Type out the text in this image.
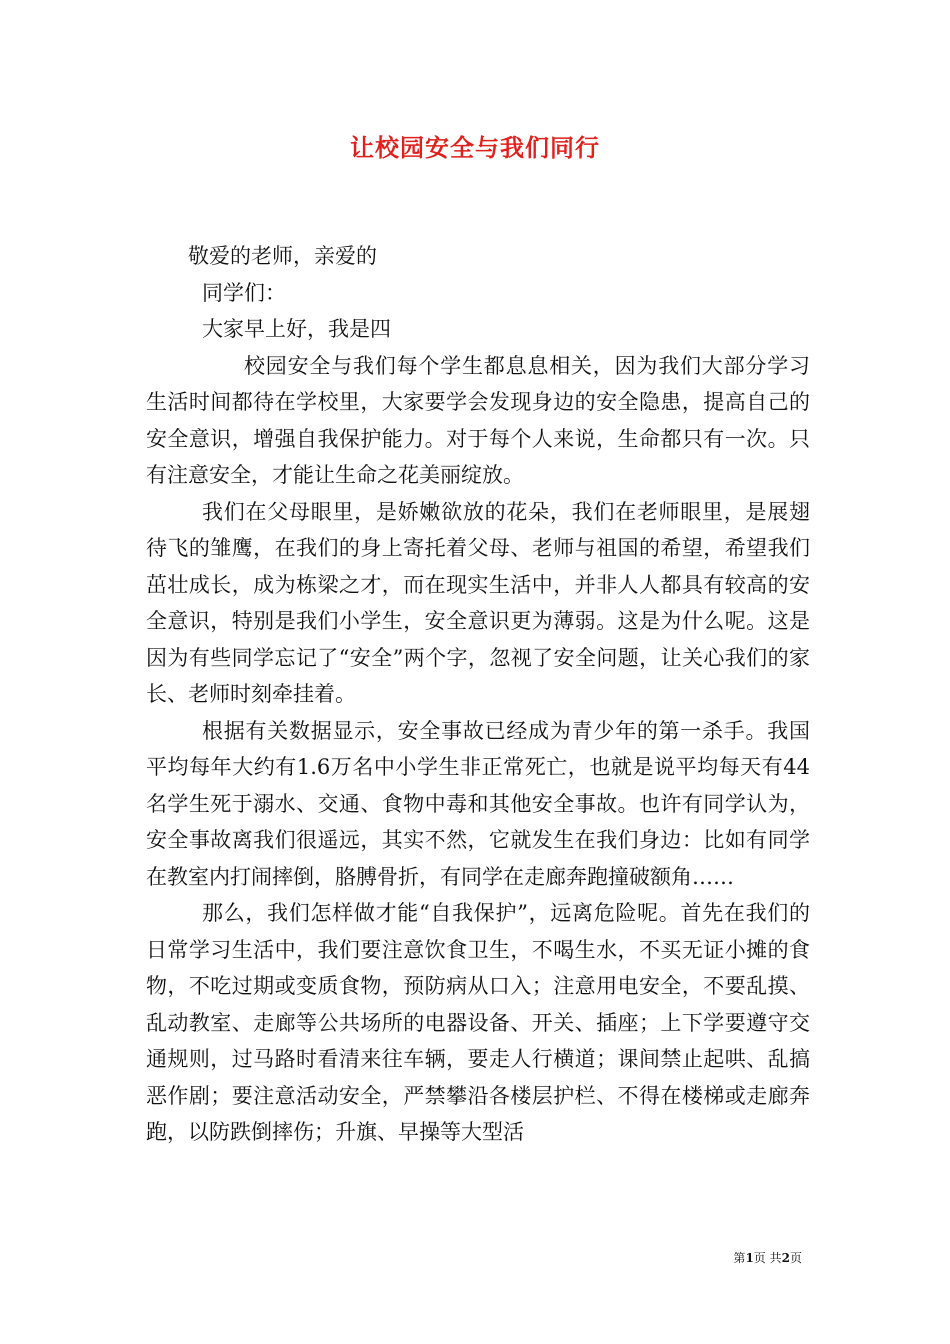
让校园安全与我们同行

敬爱的老师，亲爱的

同学们：

大家早上好，我是四

校园安全与我们每个学生都息息相关，因为我们大部分学习生活时间都待在学校里，大家要学会发现身边的安全隐患，提高自己的安全意识，增强自我保护能力。对于每个人来说，生命都只有一次。只有注意安全，才能让生命之花美丽绽放。

我们在父母眼里，是娇嫩欲放的花朵，我们在老师眼里，是展翅待飞的雏鹰，在我们的身上寄托着父母、老师与祖国的希望，希望我们茁壮成长，成为栋梁之才，而在现实生活中，并非人人都具有较高的安全意识，特别是我们小学生，安全意识更为薄弱。这是为什么呢。这是因为有些同学忘记了“安全”两个字，忽视了安全问题，让关心我们的家长、老师时刻牵挂着。

根据有关数据显示，安全事故已经成为青少年的第一杀手。我国平均每年大约有1.6万名中小学生非正常死亡，也就是说平均每天有44名学生死于溺水、交通、食物中毒和其他安全事故。也许有同学认为，安全事故离我们很遥远，其实不然，它就发生在我们身边：比如有同学在教室内打闹摔倒，胳膊骨折，有同学在走廊奔跑撞破额角……

那么，我们怎样做才能“自我保护”，远离危险呢。首先在我们的日常学习生活中，我们要注意饮食卫生，不喝生水，不买无证小摊的食物，不吃过期或变质食物，预防病从口入；注意用电安全，不要乱摸、乱动教室、走廊等公共场所的电器设备、开关、插座；上下学要遵守交通规则，过马路时看清来往车辆，要走人行横道；课间禁止起哄、乱搞恶作剧；要注意活动安全，严禁攀沿各楼层护栏、不得在楼梯或走廊奔跑，以防跌倒摔伤；升旗、早操等大型活

第1页 共2页
